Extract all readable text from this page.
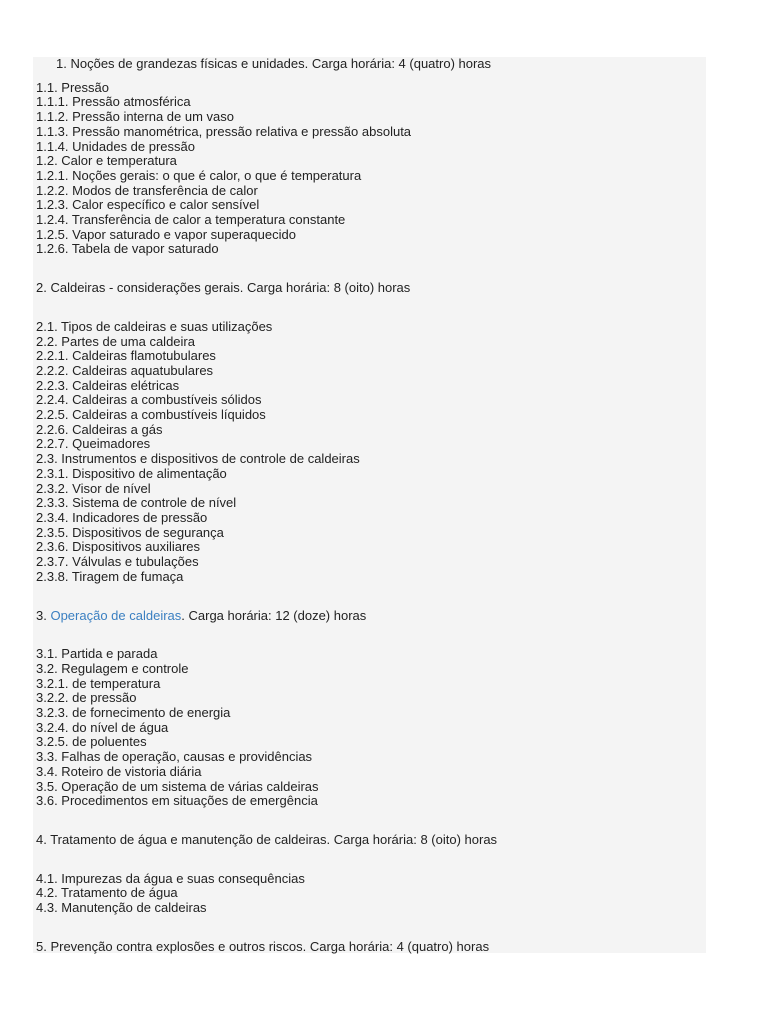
1. Noções de grandezas físicas e unidades. Carga horária: 4 (quatro) horas
1.1. Pressão
1.1.1. Pressão atmosférica
1.1.2. Pressão interna de um vaso
1.1.3. Pressão manométrica, pressão relativa e pressão absoluta
1.1.4. Unidades de pressão
1.2. Calor e temperatura
1.2.1. Noções gerais: o que é calor, o que é temperatura
1.2.2. Modos de transferência de calor
1.2.3. Calor específico e calor sensível
1.2.4. Transferência de calor a temperatura constante
1.2.5. Vapor saturado e vapor superaquecido
1.2.6. Tabela de vapor saturado
2. Caldeiras - considerações gerais. Carga horária: 8 (oito) horas
2.1. Tipos de caldeiras e suas utilizações
2.2. Partes de uma caldeira
2.2.1. Caldeiras flamotubulares
2.2.2. Caldeiras aquatubulares
2.2.3. Caldeiras elétricas
2.2.4. Caldeiras a combustíveis sólidos
2.2.5. Caldeiras a combustíveis líquidos
2.2.6. Caldeiras a gás
2.2.7. Queimadores
2.3. Instrumentos e dispositivos de controle de caldeiras
2.3.1. Dispositivo de alimentação
2.3.2. Visor de nível
2.3.3. Sistema de controle de nível
2.3.4. Indicadores de pressão
2.3.5. Dispositivos de segurança
2.3.6. Dispositivos auxiliares
2.3.7. Válvulas e tubulações
2.3.8. Tiragem de fumaça
3. Operação de caldeiras. Carga horária: 12 (doze) horas
3.1. Partida e parada
3.2. Regulagem e controle
3.2.1. de temperatura
3.2.2. de pressão
3.2.3. de fornecimento de energia
3.2.4. do nível de água
3.2.5. de poluentes
3.3. Falhas de operação, causas e providências
3.4. Roteiro de vistoria diária
3.5. Operação de um sistema de várias caldeiras
3.6. Procedimentos em situações de emergência
4. Tratamento de água e manutenção de caldeiras. Carga horária: 8 (oito) horas
4.1. Impurezas da água e suas consequências
4.2. Tratamento de água
4.3. Manutenção de caldeiras
5. Prevenção contra explosões e outros riscos. Carga horária: 4 (quatro) horas
